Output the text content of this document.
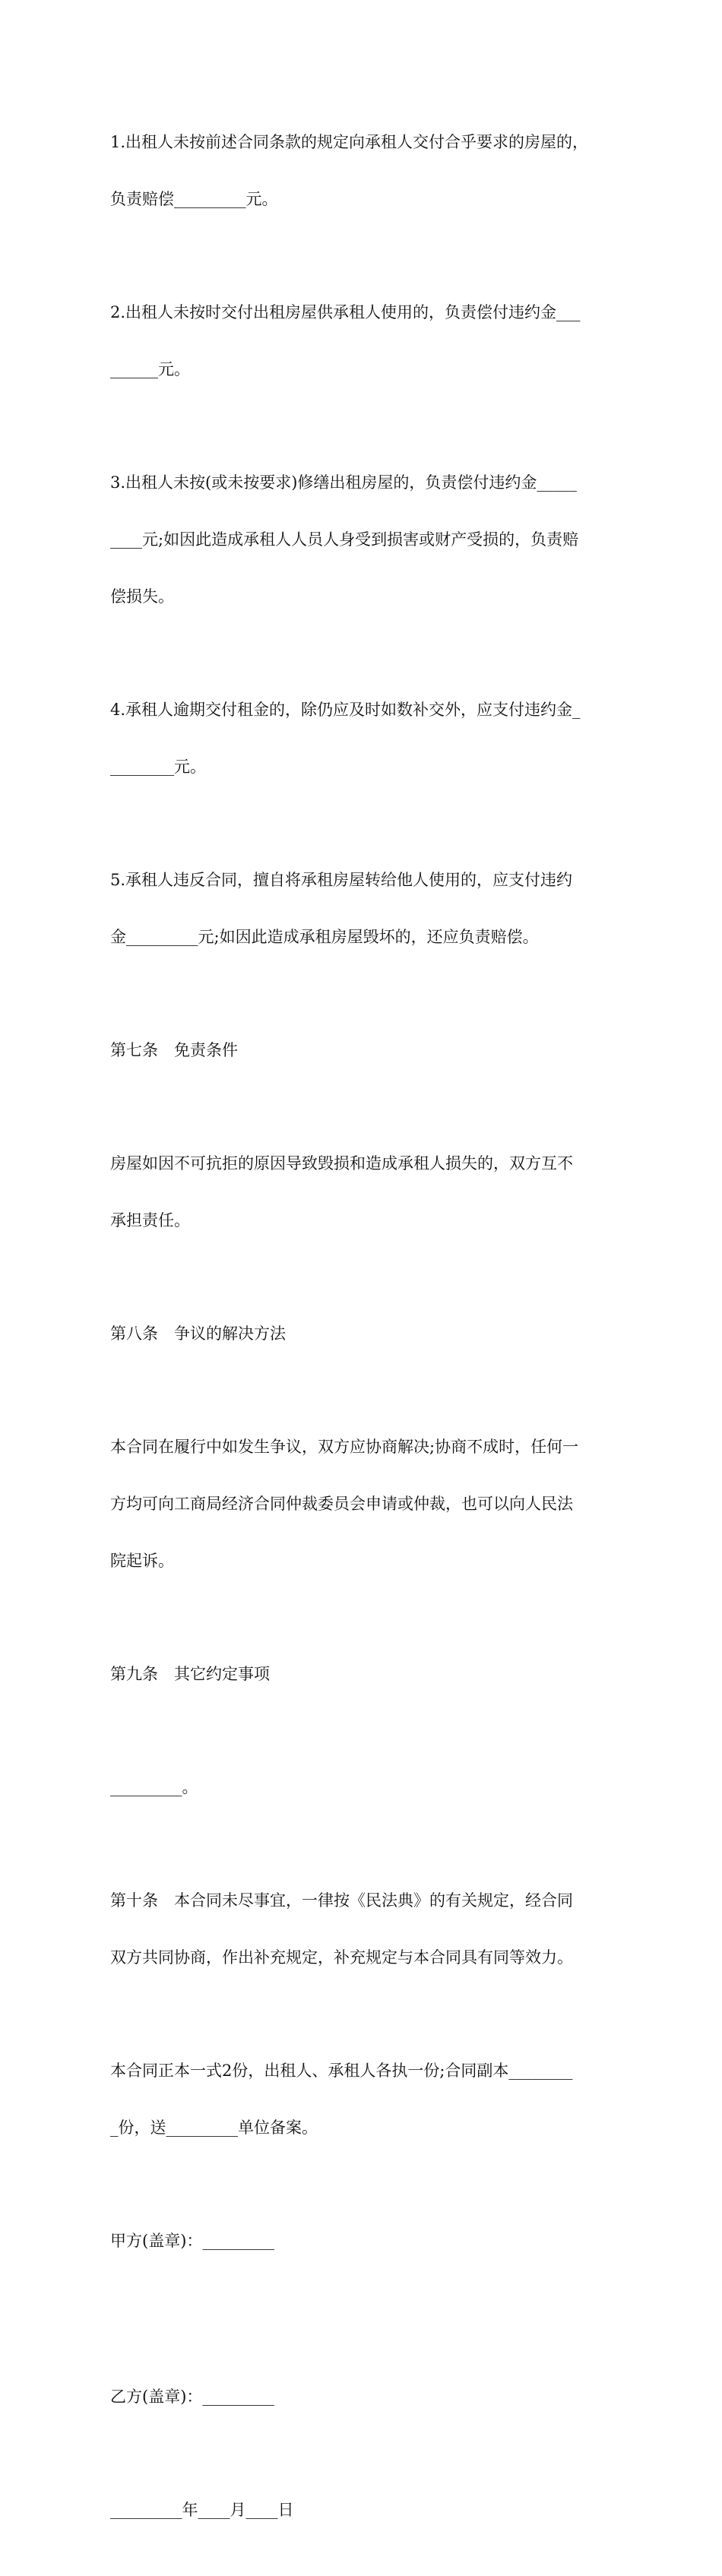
1.出租人未按前述合同条款的规定向承租人交付合乎要求的房屋的，

负责赔偿_________元。

2.出租人未按时交付出租房屋供承租人使用的，负责偿付违约金___

______元。

3.出租人未按(或未按要求)修缮出租房屋的，负责偿付违约金_____

____元;如因此造成承租人人员人身受到损害或财产受损的，负责赔

偿损失。

4.承租人逾期交付租金的，除仍应及时如数补交外，应支付违约金_

________元。

5.承租人违反合同，擅自将承租房屋转给他人使用的，应支付违约

金_________元;如因此造成承租房屋毁坏的，还应负责赔偿。

第七条　免责条件

房屋如因不可抗拒的原因导致毁损和造成承租人损失的，双方互不

承担责任。

第八条　争议的解决方法

本合同在履行中如发生争议，双方应协商解决;协商不成时，任何一

方均可向工商局经济合同仲裁委员会申请或仲裁，也可以向人民法

院起诉。

第九条　其它约定事项

_________。

第十条　本合同未尽事宜，一律按《民法典》的有关规定，经合同

双方共同协商，作出补充规定，补充规定与本合同具有同等效力。

本合同正本一式2份，出租人、承租人各执一份;合同副本________

_份，送_________单位备案。

甲方(盖章)：_________

乙方(盖章)：_________

_________年____月____日
